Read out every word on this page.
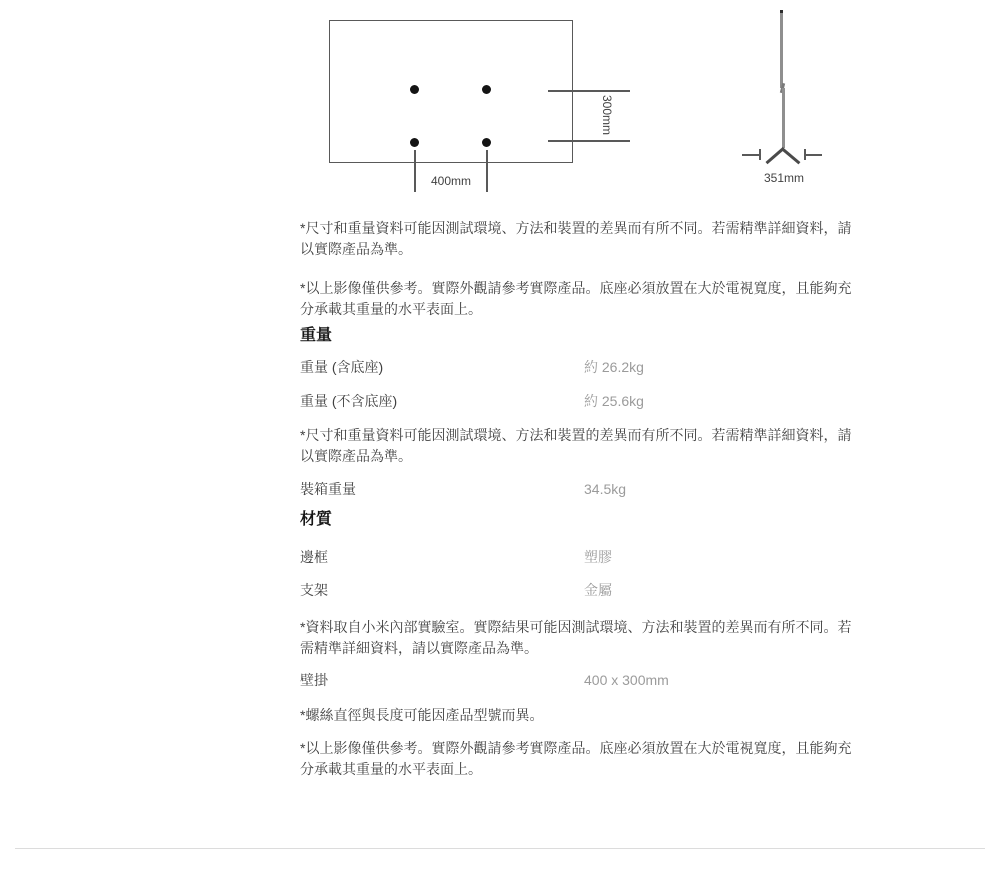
300mm
400mm	351mm

*尺寸和重量資料可能因測試環境、方法和裝置的差異而有所不同。若需精準詳細資料，請以實際產品為準。

*以上影像僅供參考。實際外觀請參考實際產品。底座必須放置在大於電視寬度，且能夠充分承載其重量的水平表面上。

重量
重量 (含底座)	約 26.2kg
重量 (不含底座)	約 25.6kg

*尺寸和重量資料可能因測試環境、方法和裝置的差異而有所不同。若需精準詳細資料，請以實際產品為準。

裝箱重量	34.5kg
材質
邊框	塑膠
支架	金屬

*資料取自小米內部實驗室。實際結果可能因測試環境、方法和裝置的差異而有所不同。若需精準詳細資料，請以實際產品為準。

壁掛	400 x 300mm

*螺絲直徑與長度可能因產品型號而異。

*以上影像僅供參考。實際外觀請參考實際產品。底座必須放置在大於電視寬度，且能夠充分承載其重量的水平表面上。
